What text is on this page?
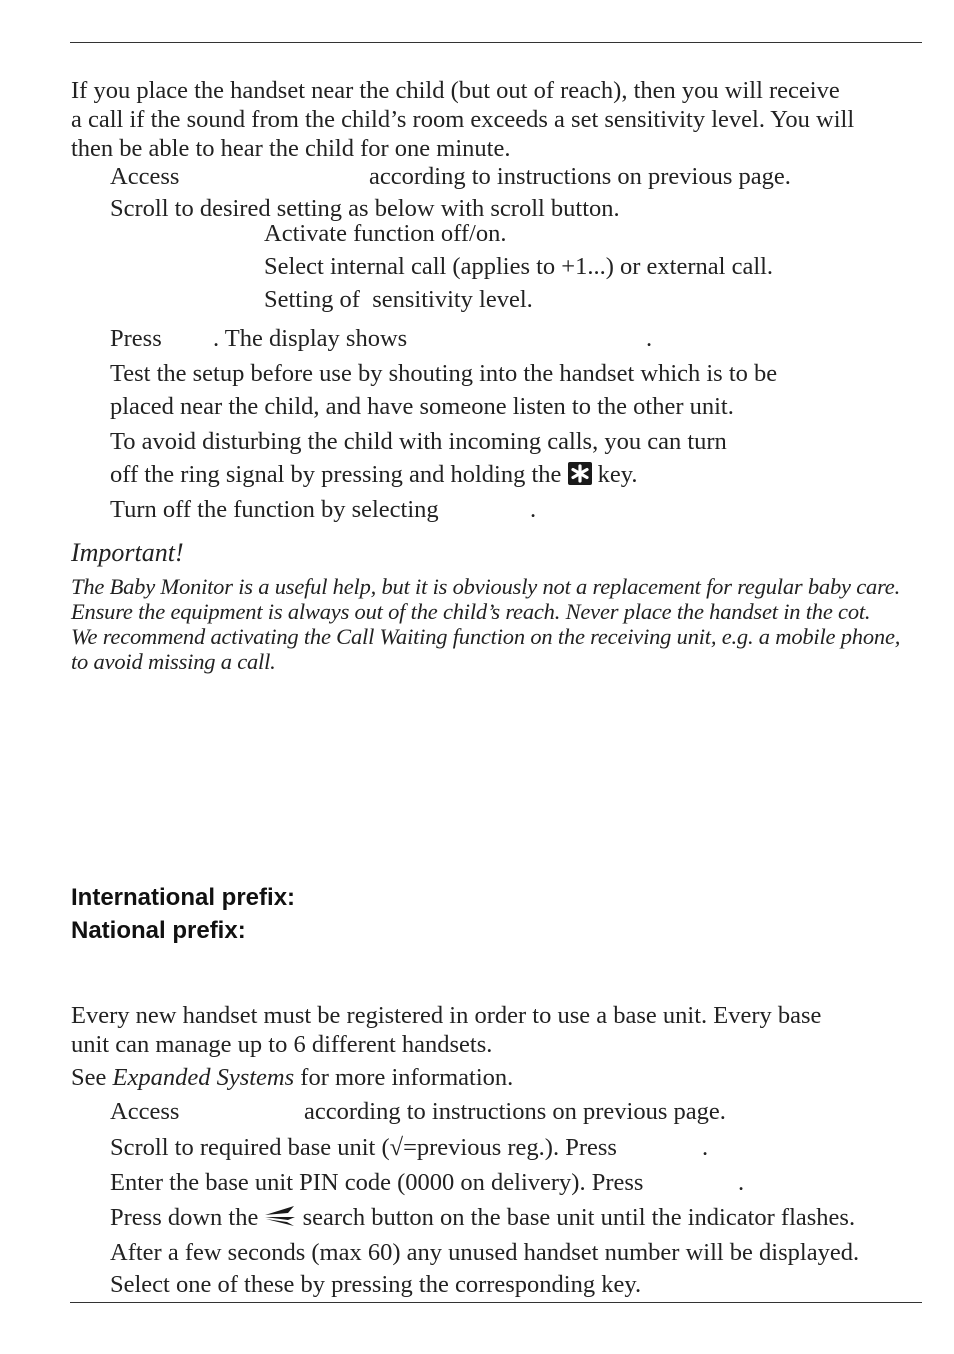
If you place the handset near the child (but out of reach), then you will receive
a call if the sound from the child’s room exceeds a set sensitivity level. You will
then be able to hear the child for one minute.
Access	according to instructions on previous page.
Scroll to desired setting as below with scroll button.
Activate function off/on.
Select internal call (applies to +1...) or external call.
Setting of  sensitivity level.
Press . The display shows	.
Test the setup before use by shouting into the handset which is to be
placed near the child, and have someone listen to the other unit.
To avoid disturbing the child with incoming calls, you can turn
off the ring signal by pressing and holding the key.
Turn off the function by selecting	.
Important!
The Baby Monitor is a useful help, but it is obviously not a replacement for regular baby care.
Ensure the equipment is always out of the child’s reach. Never place the handset in the cot.
We recommend activating the Call Waiting function on the receiving unit, e.g. a mobile phone,
to avoid missing a call.
International prefix:
National prefix:
Every new handset must be registered in order to use a base unit. Every base
unit can manage up to 6 different handsets.
See Expanded Systems for more information.
Access	according to instructions on previous page.
Scroll to required base unit (√=previous reg.). Press	.
Enter the base unit PIN code (0000 on delivery). Press	.
Press down the search button on the base unit until the indicator flashes.
After a few seconds (max 60) any unused handset number will be displayed.
Select one of these by pressing the corresponding key.
